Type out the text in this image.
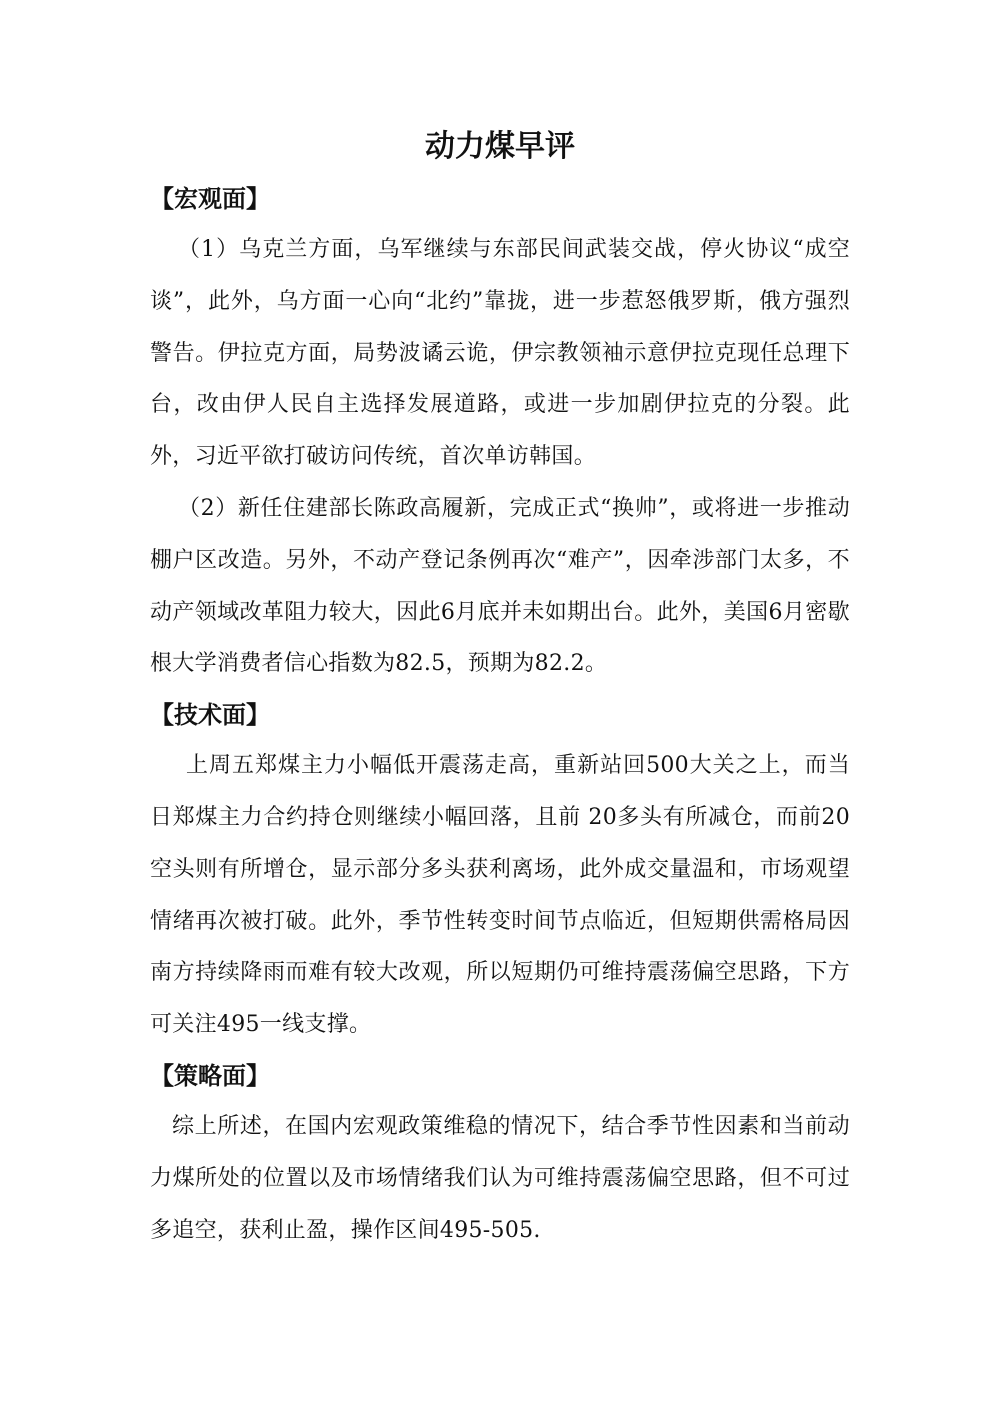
动力煤早评
【宏观面】

（1）乌克兰方面，乌军继续与东部民间武装交战，停火协议“成空谈”，此外，乌方面一心向“北约”靠拢，进一步惹怒俄罗斯，俄方强烈警告。伊拉克方面，局势波谲云诡，伊宗教领袖示意伊拉克现任总理下台，改由伊人民自主选择发展道路，或进一步加剧伊拉克的分裂。此外，习近平欲打破访问传统，首次单访韩国。

（2）新任住建部长陈政高履新，完成正式“换帅”，或将进一步推动棚户区改造。另外，不动产登记条例再次“难产”，因牵涉部门太多，不动产领域改革阻力较大，因此6月底并未如期出台。此外，美国6月密歇根大学消费者信心指数为82.5，预期为82.2。

【技术面】

上周五郑煤主力小幅低开震荡走高，重新站回500大关之上，而当日郑煤主力合约持仓则继续小幅回落，且前 20多头有所减仓，而前20空头则有所增仓，显示部分多头获利离场，此外成交量温和，市场观望情绪再次被打破。此外，季节性转变时间节点临近，但短期供需格局因南方持续降雨而难有较大改观，所以短期仍可维持震荡偏空思路，下方可关注495一线支撑。

【策略面】

综上所述，在国内宏观政策维稳的情况下，结合季节性因素和当前动力煤所处的位置以及市场情绪我们认为可维持震荡偏空思路，但不可过多追空，获利止盈，操作区间495-505.
